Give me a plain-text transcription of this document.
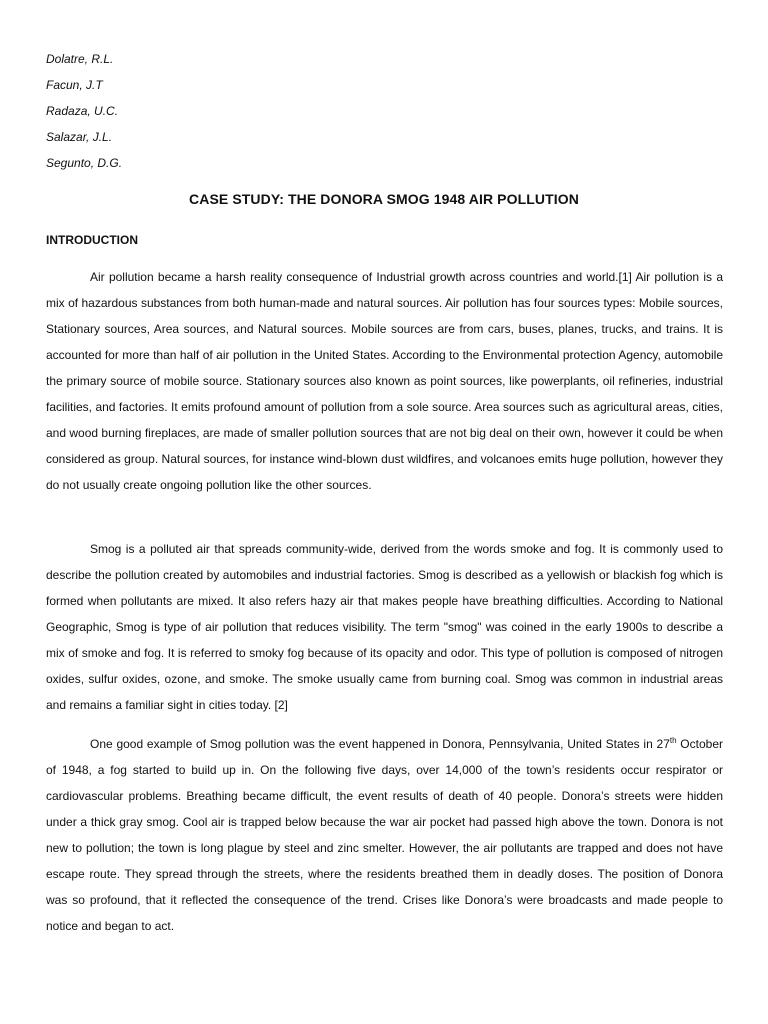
Dolatre, R.L.
Facun, J.T
Radaza, U.C.
Salazar, J.L.
Segunto, D.G.
CASE STUDY: THE DONORA SMOG 1948 AIR POLLUTION
INTRODUCTION

Air pollution became a harsh reality consequence of Industrial growth across countries and world.[1] Air pollution is a mix of hazardous substances from both human-made and natural sources. Air pollution has four sources types: Mobile sources, Stationary sources, Area sources, and Natural sources. Mobile sources are from cars, buses, planes, trucks, and trains. It is accounted for more than half of air pollution in the United States. According to the Environmental protection Agency, automobile the primary source of mobile source. Stationary sources also known as point sources, like powerplants, oil refineries, industrial facilities, and factories. It emits profound amount of pollution from a sole source. Area sources such as agricultural areas, cities, and wood burning fireplaces, are made of smaller pollution sources that are not big deal on their own, however it could be when considered as group. Natural sources, for instance wind-blown dust wildfires, and volcanoes emits huge pollution, however they do not usually create ongoing pollution like the other sources.

Smog is a polluted air that spreads community-wide, derived from the words smoke and fog. It is commonly used to describe the pollution created by automobiles and industrial factories. Smog is described as a yellowish or blackish fog which is formed when pollutants are mixed. It also refers hazy air that makes people have breathing difficulties. According to National Geographic, Smog is type of air pollution that reduces visibility. The term "smog" was coined in the early 1900s to describe a mix of smoke and fog. It is referred to smoky fog because of its opacity and odor. This type of pollution is composed of nitrogen oxides, sulfur oxides, ozone, and smoke. The smoke usually came from burning coal. Smog was common in industrial areas and remains a familiar sight in cities today. [2]

One good example of Smog pollution was the event happened in Donora, Pennsylvania, United States in 27th October of 1948, a fog started to build up in. On the following five days, over 14,000 of the town’s residents occur respirator or cardiovascular problems. Breathing became difficult, the event results of death of 40 people. Donora’s streets were hidden under a thick gray smog. Cool air is trapped below because the war air pocket had passed high above the town. Donora is not new to pollution; the town is long plague by steel and zinc smelter. However, the air pollutants are trapped and does not have escape route. They spread through the streets, where the residents breathed them in deadly doses. The position of Donora was so profound, that it reflected the consequence of the trend. Crises like Donora’s were broadcasts and made people to notice and began to act.
